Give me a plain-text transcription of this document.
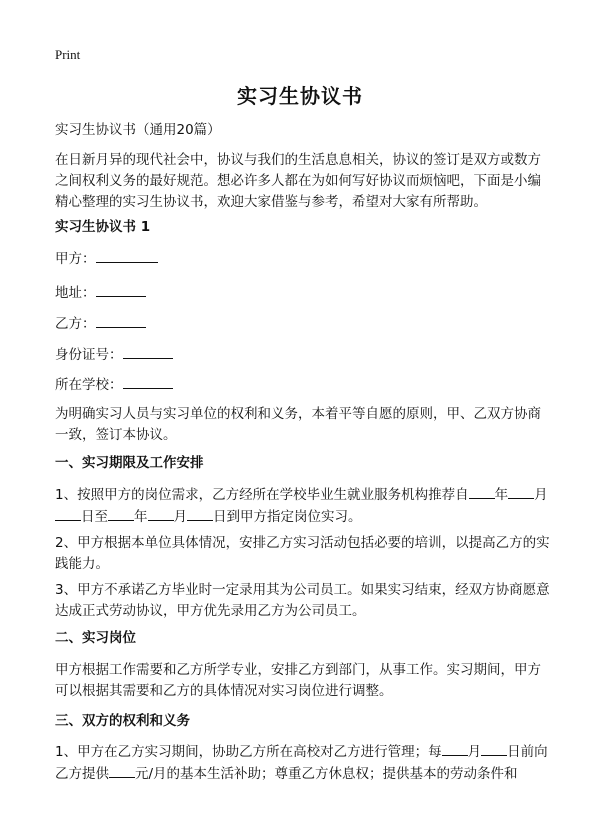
Print
实习生协议书
实习生协议书（通用20篇）
在日新月异的现代社会中，协议与我们的生活息息相关，协议的签订是双方或数方之间权利义务的最好规范。想必许多人都在为如何写好协议而烦恼吧，下面是小编精心整理的实习生协议书，欢迎大家借鉴与参考，希望对大家有所帮助。
实习生协议书 1
甲方：
地址：
乙方：
身份证号：
所在学校：
为明确实习人员与实习单位的权利和义务，本着平等自愿的原则，甲、乙双方协商一致，签订本协议。
一、实习期限及工作安排
1、按照甲方的岗位需求，乙方经所在学校毕业生就业服务机构推荐自 年 月日至 年 月 日到甲方指定岗位实习。
2、甲方根据本单位具体情况，安排乙方实习活动包括必要的培训，以提高乙方的实践能力。
3、甲方不承诺乙方毕业时一定录用其为公司员工。如果实习结束，经双方协商愿意达成正式劳动协议，甲方优先录用乙方为公司员工。
二、实习岗位
甲方根据工作需要和乙方所学专业，安排乙方到部门，从事工作。实习期间，甲方可以根据其需要和乙方的具体情况对实习岗位进行调整。
三、双方的权利和义务
1、甲方在乙方实习期间，协助乙方所在高校对乙方进行管理；每 月 日前向乙方提供 元/月的基本生活补助；尊重乙方休息权；提供基本的劳动条件和
